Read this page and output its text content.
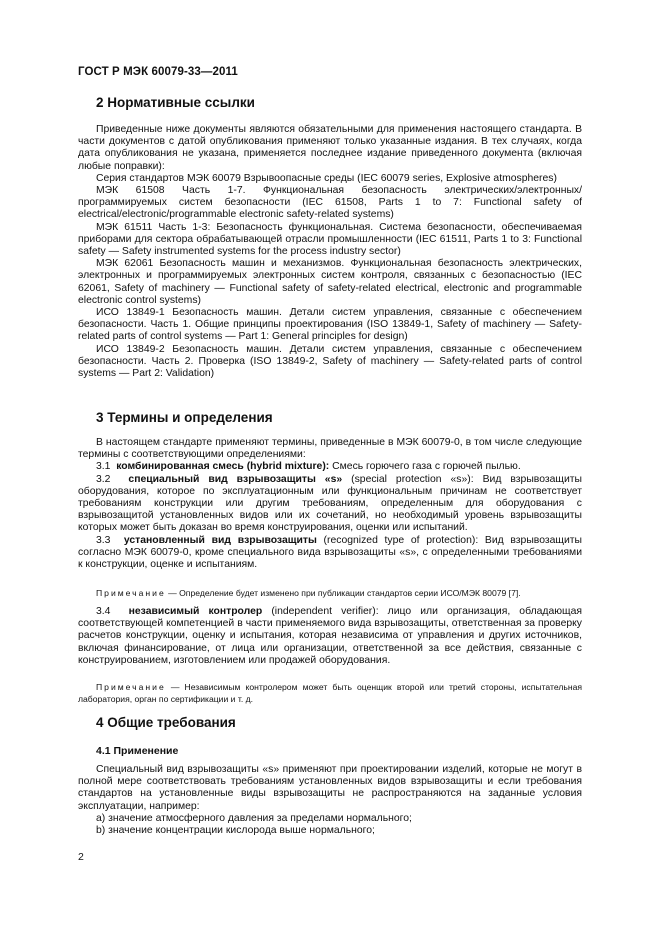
ГОСТ Р МЭК 60079-33—2011
2 Нормативные ссылки

Приведенные ниже документы являются обязательными для применения настоящего стандарта. В части документов с датой опубликования применяют только указанные издания. В тех случаях, когда дата опубликования не указана, применяется последнее издание приведенного документа (включая любые поправки):

Серия стандартов МЭК 60079 Взрывоопасные среды (IEC 60079 series, Explosive atmospheres)

МЭК 61508 Часть 1-7. Функциональная безопасность электрических/электронных/программируемых систем безопасности (IEC 61508, Parts 1 to 7: Functional safety of electrical/electronic/programmable electronic safety-related systems)

МЭК 61511 Часть 1-3: Безопасность функциональная. Система безопасности, обеспечиваемая приборами для сектора обрабатывающей отрасли промышленности (IEC 61511, Parts 1 to 3: Functional safety — Safety instrumented systems for the process industry sector)

МЭК 62061 Безопасность машин и механизмов. Функциональная безопасность электрических, электронных и программируемых электронных систем контроля, связанных с безопасностью (IEC 62061, Safety of machinery — Functional safety of safety-related electrical, electronic and programmable electronic control systems)

ИСО 13849-1 Безопасность машин. Детали систем управления, связанные с обеспечением безопасности. Часть 1. Общие принципы проектирования (ISO 13849-1, Safety of machinery — Safety-related parts of control systems — Part 1: General principles for design)

ИСО 13849-2 Безопасность машин. Детали систем управления, связанные с обеспечением безопасности. Часть 2. Проверка (ISO 13849-2, Safety of machinery — Safety-related parts of control systems — Part 2: Validation)

3 Термины и определения

В настоящем стандарте применяют термины, приведенные в МЭК 60079-0, в том числе следующие термины с соответствующими определениями:

3.1 комбинированная смесь (hybrid mixture): Смесь горючего газа с горючей пылью.

3.2 специальный вид взрывозащиты «s» (special protection «s»): Вид взрывозащиты оборудования, которое по эксплуатационным или функциональным причинам не соответствует требованиям конструкции или другим требованиям, определенным для оборудования с взрывозащитой установленных видов или их сочетаний, но необходимый уровень взрывозащиты которых может быть доказан во время конструирования, оценки или испытаний.

3.3 установленный вид взрывозащиты (recognized type of protection): Вид взрывозащиты согласно МЭК 60079-0, кроме специального вида взрывозащиты «s», с определенными требованиями к конструкции, оценке и испытаниям.

Примечание — Определение будет изменено при публикации стандартов серии ИСО/МЭК 80079 [7].

3.4 независимый контролер (independent verifier): лицо или организация, обладающая соответствующей компетенцией в части применяемого вида взрывозащиты, ответственная за проверку расчетов конструкции, оценку и испытания, которая независима от управления и других источников, включая финансирование, от лица или организации, ответственной за все действия, связанные с конструированием, изготовлением или продажей оборудования.

Примечание — Независимым контролером может быть оценщик второй или третий стороны, испытательная лаборатория, орган по сертификации и т. д.

4 Общие требования
4.1 Применение

Специальный вид взрывозащиты «s» применяют при проектировании изделий, которые не могут в полной мере соответствовать требованиям установленных видов взрывозащиты и если требования стандартов на установленные виды взрывозащиты не распространяются на заданные условия эксплуатации, например:

a) значение атмосферного давления за пределами нормального;

b) значение концентрации кислорода выше нормального;

2
